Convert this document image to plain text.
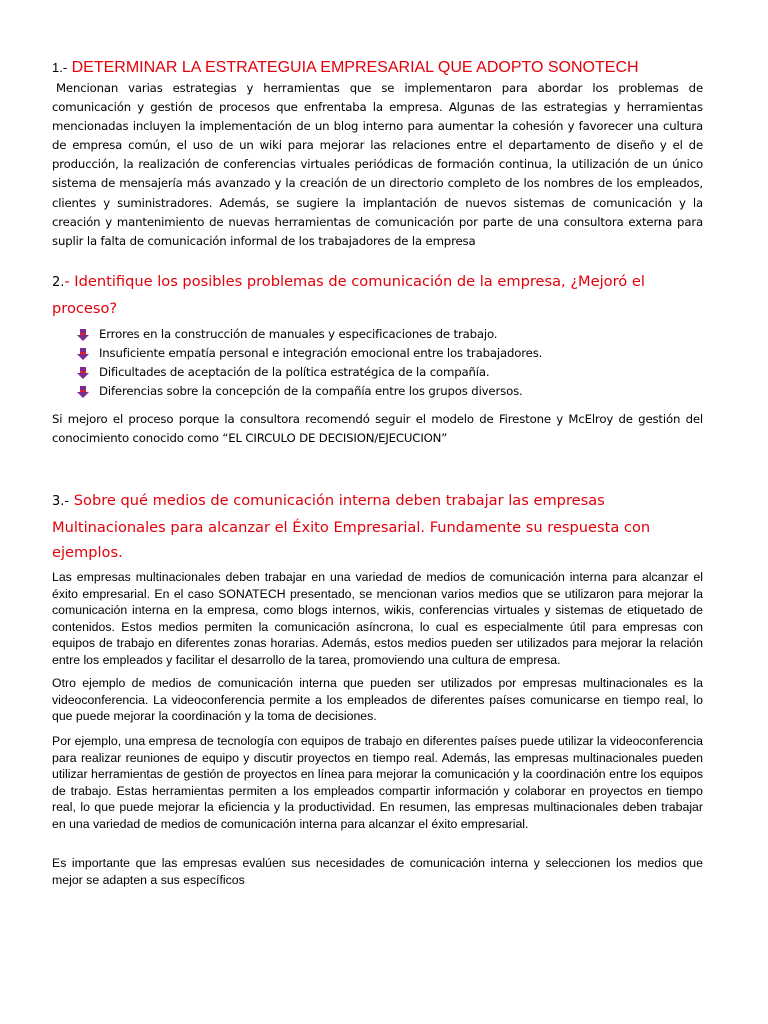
1.- DETERMINAR LA ESTRATEGUIA EMPRESARIAL QUE ADOPTO SONOTECH

Mencionan varias estrategias y herramientas que se implementaron para abordar los problemas de comunicación y gestión de procesos que enfrentaba la empresa. Algunas de las estrategias y herramientas mencionadas incluyen la implementación de un blog interno para aumentar la cohesión y favorecer una cultura de empresa común, el uso de un wiki para mejorar las relaciones entre el departamento de diseño y el de producción, la realización de conferencias virtuales periódicas de formación continua, la utilización de un único sistema de mensajería más avanzado y la creación de un directorio completo de los nombres de los empleados, clientes y suministradores. Además, se sugiere la implantación de nuevos sistemas de comunicación y la creación y mantenimiento de nuevas herramientas de comunicación por parte de una consultora externa para suplir la falta de comunicación informal de los trabajadores de la empresa

2.- Identifique los posibles problemas de comunicación de la empresa, ¿Mejoró el proceso?
Errores en la construcción de manuales y especificaciones de trabajo.
Insuficiente empatía personal e integración emocional entre los trabajadores.
Dificultades de aceptación de la política estratégica de la compañía.
Diferencias sobre la concepción de la compañía entre los grupos diversos.

Si mejoro el proceso porque la consultora recomendó seguir el modelo de Firestone y McElroy de gestión del conocimiento conocido como “EL CIRCULO DE DECISION/EJECUCION”

3.- Sobre qué medios de comunicación interna deben trabajar las empresas Multinacionales para alcanzar el Éxito Empresarial. Fundamente su respuesta con ejemplos.

Las empresas multinacionales deben trabajar en una variedad de medios de comunicación interna para alcanzar el éxito empresarial. En el caso SONATECH presentado, se mencionan varios medios que se utilizaron para mejorar la comunicación interna en la empresa, como blogs internos, wikis, conferencias virtuales y sistemas de etiquetado de contenidos. Estos medios permiten la comunicación asíncrona, lo cual es especialmente útil para empresas con equipos de trabajo en diferentes zonas horarias. Además, estos medios pueden ser utilizados para mejorar la relación entre los empleados y facilitar el desarrollo de la tarea, promoviendo una cultura de empresa.

Otro ejemplo de medios de comunicación interna que pueden ser utilizados por empresas multinacionales es la videoconferencia. La videoconferencia permite a los empleados de diferentes países comunicarse en tiempo real, lo que puede mejorar la coordinación y la toma de decisiones.

Por ejemplo, una empresa de tecnología con equipos de trabajo en diferentes países puede utilizar la videoconferencia para realizar reuniones de equipo y discutir proyectos en tiempo real. Además, las empresas multinacionales pueden utilizar herramientas de gestión de proyectos en línea para mejorar la comunicación y la coordinación entre los equipos de trabajo. Estas herramientas permiten a los empleados compartir información y colaborar en proyectos en tiempo real, lo que puede mejorar la eficiencia y la productividad. En resumen, las empresas multinacionales deben trabajar en una variedad de medios de comunicación interna para alcanzar el éxito empresarial.

Es importante que las empresas evalúen sus necesidades de comunicación interna y seleccionen los medios que mejor se adapten a sus específicos
